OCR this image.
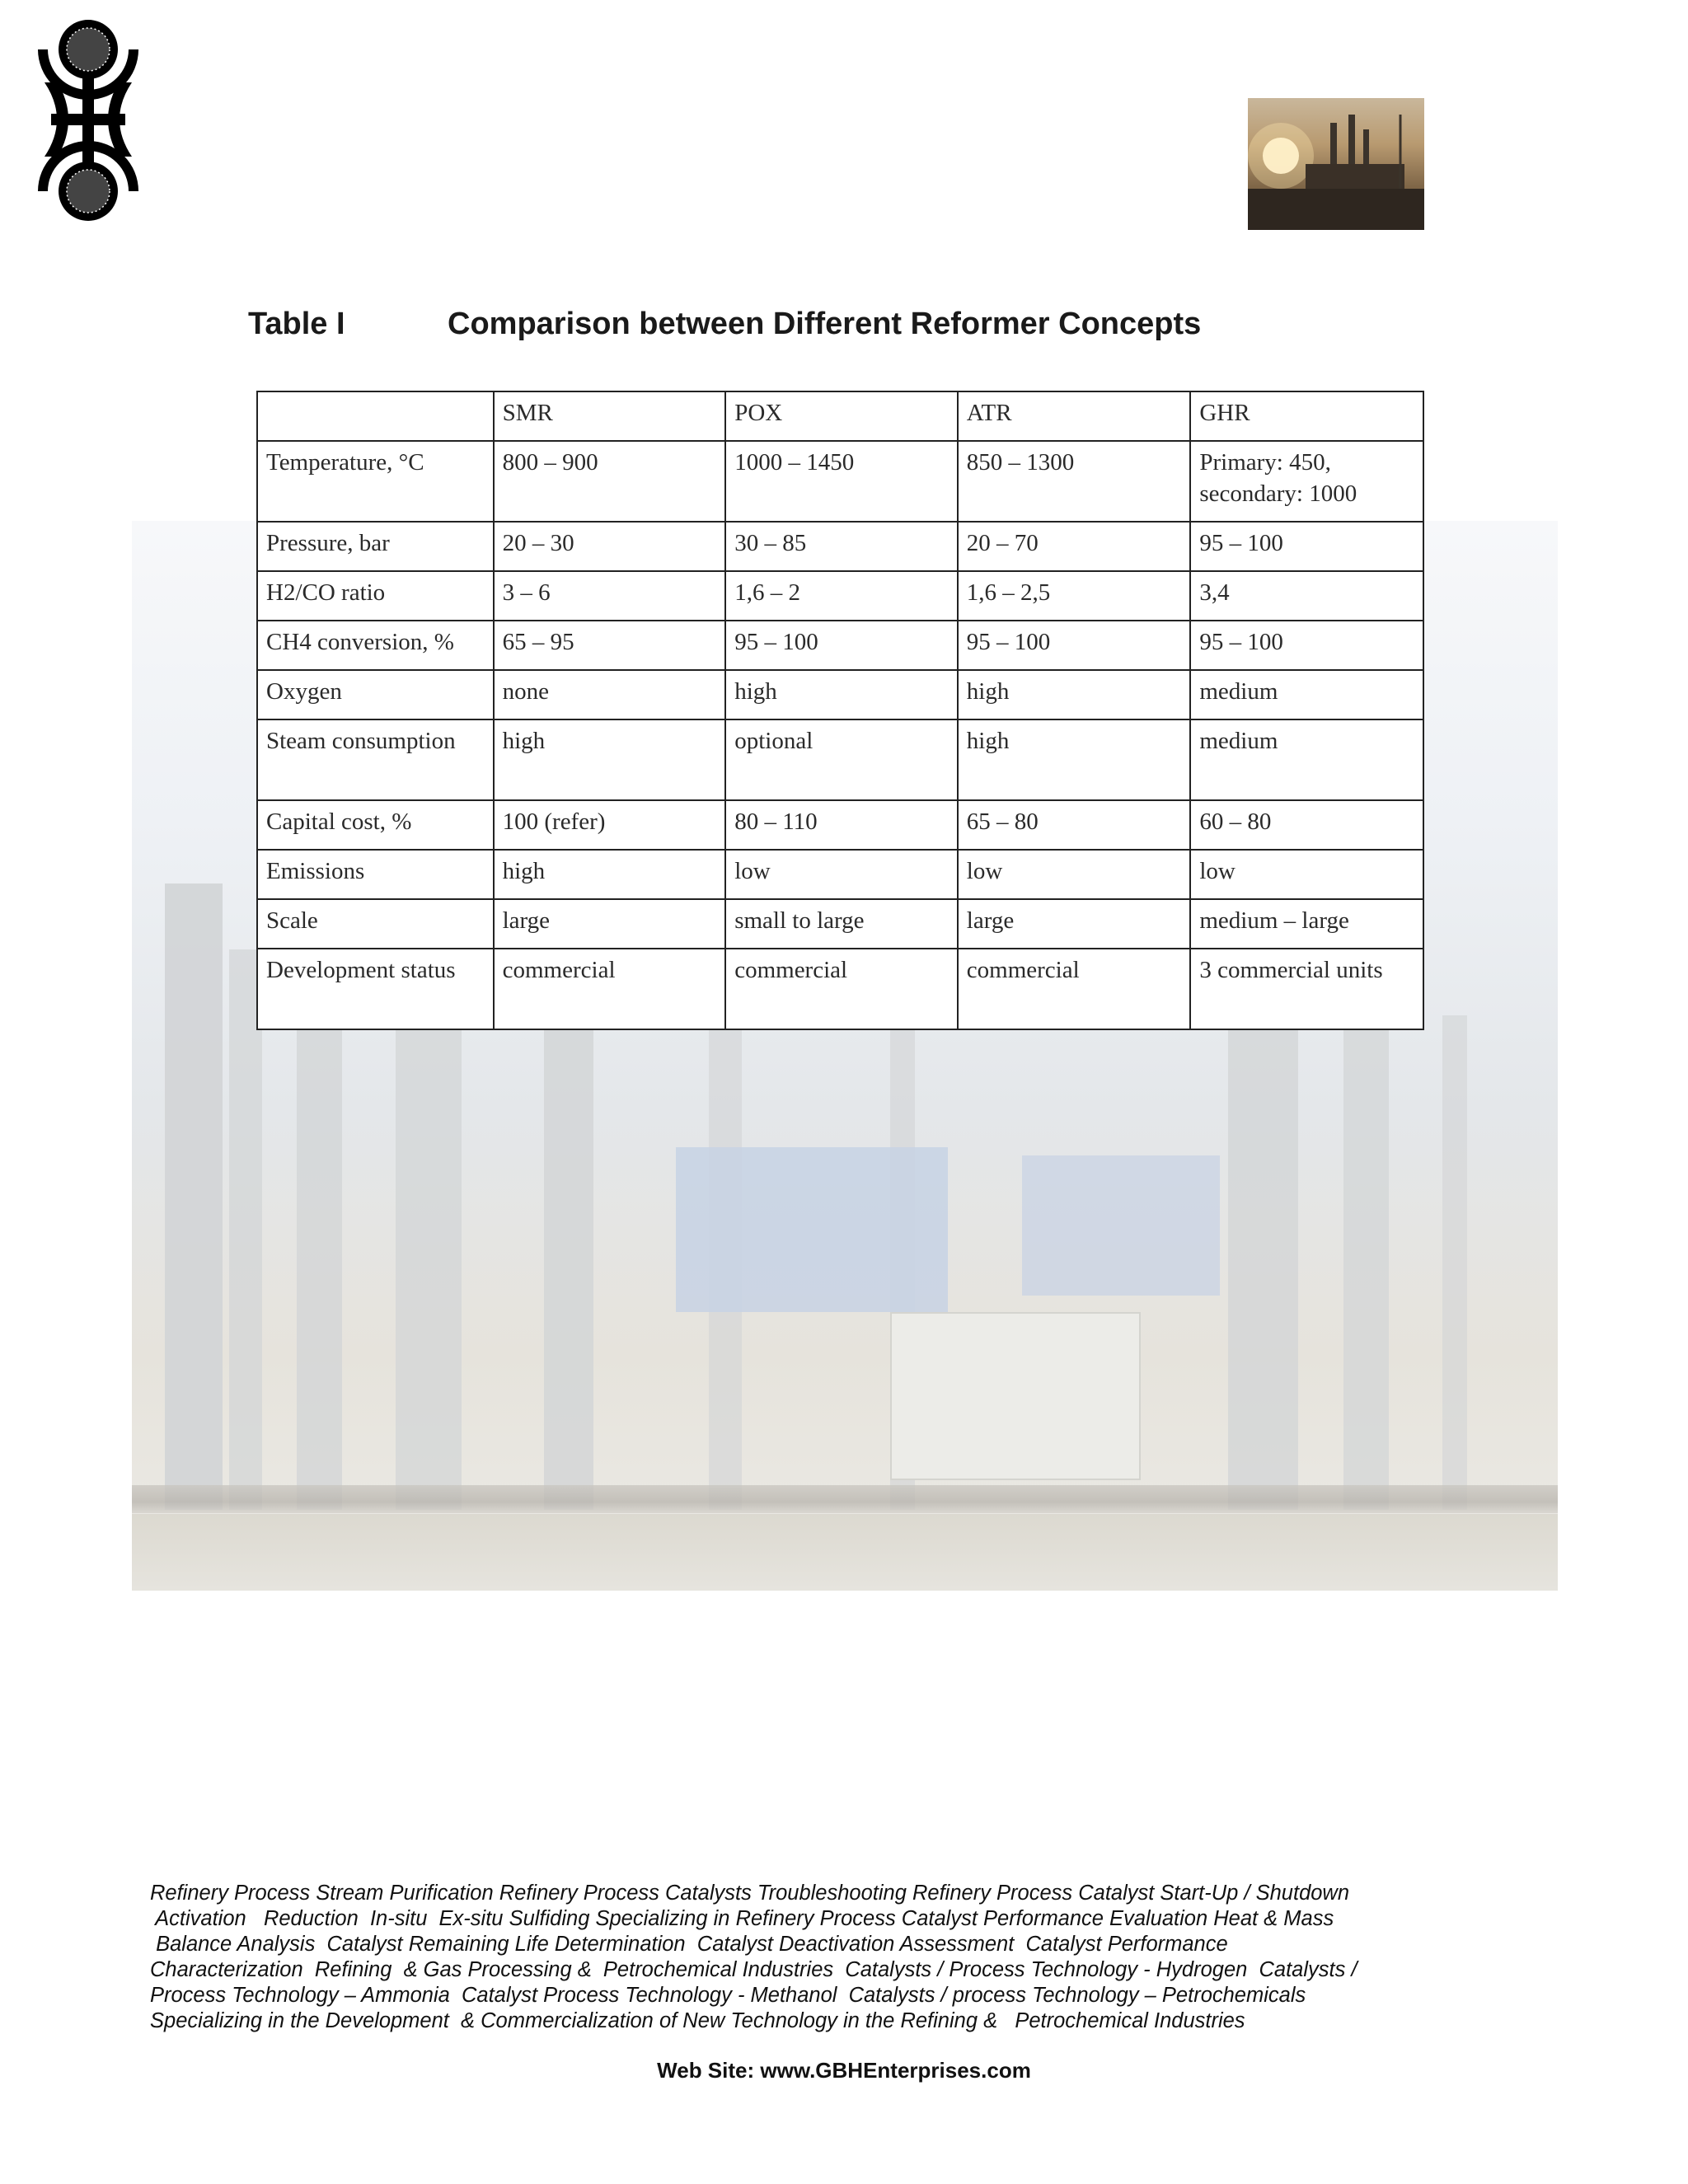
Table I	Comparison between Different Reformer Concepts
	SMR	POX	ATR	GHR
Temperature, °C	800 – 900	1000 – 1450	850 – 1300	Primary: 450, secondary: 1000
Pressure, bar	20 – 30	30 – 85	20 – 70	95 – 100
H2/CO ratio	3 – 6	1,6 – 2	1,6 – 2,5	3,4
CH4 conversion, %	65 – 95	95 – 100	95 – 100	95 – 100
Oxygen	none	high	high	medium
Steam consumption	high	optional	high	medium
Capital cost, %	100 (refer)	80 – 110	65 – 80	60 – 80
Emissions	high	low	low	low
Scale	large	small to large	large	medium – large
Development status	commercial	commercial	commercial	3 commercial units
Refinery Process Stream Purification Refinery Process Catalysts Troubleshooting Refinery Process Catalyst Start-Up / Shutdown
Activation   Reduction  In-situ  Ex-situ Sulfiding Specializing in Refinery Process Catalyst Performance Evaluation Heat & Mass
Balance Analysis  Catalyst Remaining Life Determination  Catalyst Deactivation Assessment  Catalyst Performance
Characterization  Refining  & Gas Processing &  Petrochemical Industries  Catalysts / Process Technology - Hydrogen  Catalysts /
Process Technology – Ammonia  Catalyst Process Technology - Methanol  Catalysts / process Technology – Petrochemicals
Specializing in the Development  & Commercialization of New Technology in the Refining &   Petrochemical Industries
Web Site: www.GBHEnterprises.com
